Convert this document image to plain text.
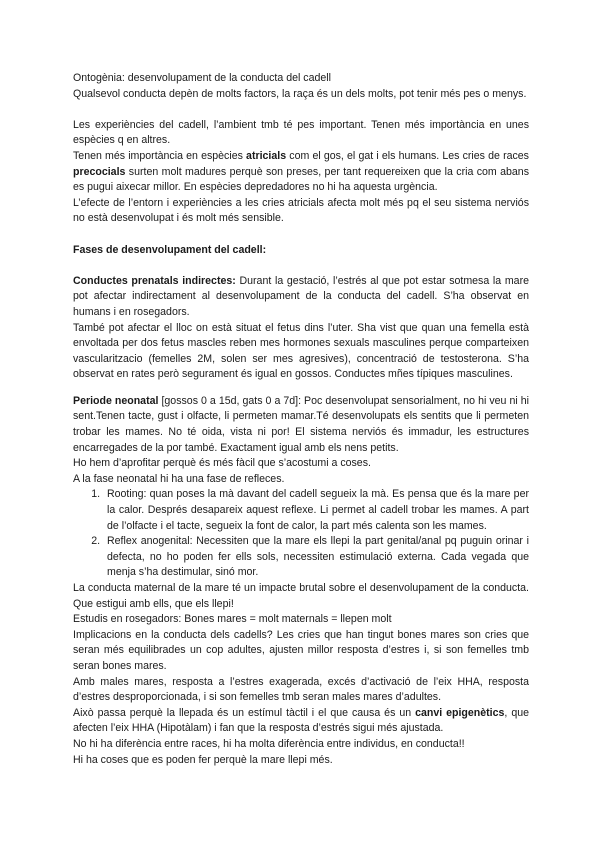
Ontogènia: desenvolupament de la conducta del cadell

Qualsevol conducta depèn de molts factors, la raça és un dels molts, pot tenir més pes o menys.

Les experiències del cadell, l’ambient tmb té pes important. Tenen més importància en unes espècies q en altres.

Tenen més importància en espècies atricials com el gos, el gat i els humans. Les cries de races precocials surten molt madures perquè son preses, per tant requereixen que la cria com abans es pugui aixecar millor. En espècies depredadores no hi ha aquesta urgència.

L’efecte de l’entorn i experiències a les cries atricials afecta molt més pq el seu sistema nerviós no està desenvolupat i és molt més sensible.

Fases de desenvolupament del cadell:

Conductes prenatals indirectes: Durant la gestació, l’estrés al que pot estar sotmesa la mare pot afectar indirectament al desenvolupament de la conducta del cadell. S’ha observat en humans i en rosegadors.

També pot afectar el lloc on està situat el fetus dins l’uter. Sha vist que quan una femella està envoltada per dos fetus mascles reben mes hormones sexuals masculines perque comparteixen vascularitzacio (femelles 2M, solen ser mes agresives), concentració de testosterona. S’ha observat en rates però segurament és igual en gossos. Conductes mñes típiques masculines.

Periode neonatal [gossos 0 a 15d, gats 0 a 7d]: Poc desenvolupat sensorialment, no hi veu ni hi sent.Tenen tacte, gust i olfacte, li permeten mamar.Té desenvolupats els sentits que li permeten trobar les mames. No té oida, vista ni por! El sistema nerviós és immadur, les estructures encarregades de la por també. Exactament igual amb els nens petits.

Ho hem d’aprofitar perquè és més fàcil que s’acostumi a coses.

A la fase neonatal hi ha una fase de refleces.

1. Rooting: quan poses la mà davant del cadell segueix la mà. Es pensa que és la mare per la calor. Després desapareix aquest reflexe. Li permet al cadell trobar les mames. A part de l’olfacte i el tacte, segueix la font de calor, la part més calenta son les mames.
2. Reflex anogenital: Necessiten que la mare els llepi la part genital/anal pq puguin orinar i defecta, no ho poden fer ells sols, necessiten estimulació externa. Cada vegada que menja s’ha destimular, sinó mor.

La conducta maternal de la mare té un impacte brutal sobre el desenvolupament de la conducta. Que estigui amb ells, que els llepi!

Estudis en rosegadors: Bones mares = molt maternals = llepen molt

Implicacions en la conducta dels cadells? Les cries que han tingut bones mares son cries que seran més equilibrades un cop adultes, ajusten millor resposta d’estres i, si son femelles tmb seran bones mares.

Amb males mares, resposta a l’estres exagerada, excés d’activació de l’eix HHA, resposta d’estres desproporcionada, i si son femelles tmb seran males mares d’adultes.

Això passa perquè la llepada és un estímul tàctil i el que causa és un canvi epigenètics, que afecten l’eix HHA (Hipotàlam) i fan que la resposta d’estrés sigui més ajustada.

No hi ha diferència entre races, hi ha molta diferència entre individus, en conducta!!

Hi ha coses que es poden fer perquè la mare llepi més.
